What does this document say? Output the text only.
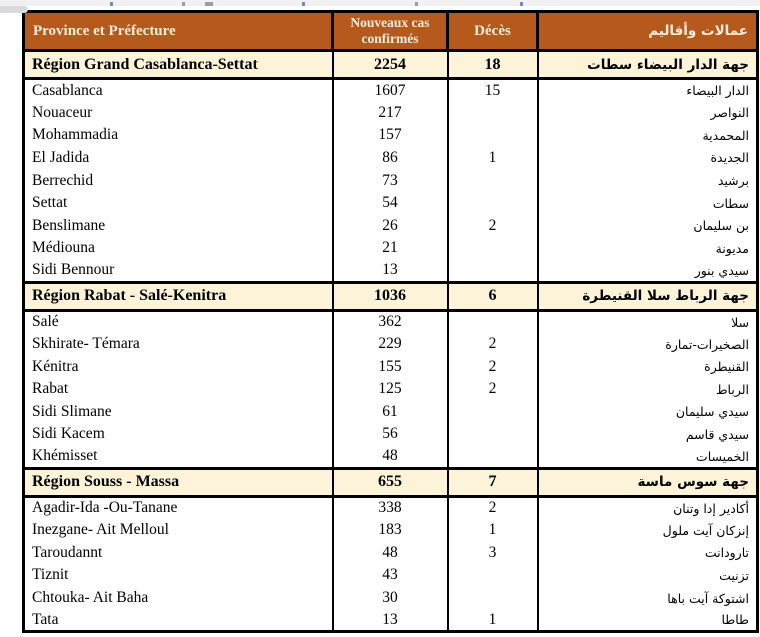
Province et Préfecture	Nouveaux cas confirmés	Décès	عمالات وأقاليم
Région Grand Casablanca-Settat	2254	18	جهة الدار البيضاء سطات
Casablanca	1607	15	الدار البيضاء
Nouaceur	217		النواصر
Mohammadia	157		المحمدية
El Jadida	86	1	الجديدة
Berrechid	73		برشيد
Settat	54		سطات
Benslimane	26	2	بن سليمان
Médiouna	21		مديونة
Sidi Bennour	13		سيدي بنور
Région Rabat - Salé-Kenitra	1036	6	جهة الرباط سلا القنيطرة
Salé	362		سلا
Skhirate- Témara	229	2	الصخيرات-تمارة
Kénitra	155	2	القنيطرة
Rabat	125	2	الرباط
Sidi Slimane	61		سيدي سليمان
Sidi Kacem	56		سيدي قاسم
Khémisset	48		الخميسات
Région Souss - Massa	655	7	جهة سوس ماسة
Agadir-Ida -Ou-Tanane	338	2	أكادير إدا وتنان
Inezgane- Ait Melloul	183	1	إنزكان آيت ملول
Taroudannt	48	3	تارودانت
Tiznit	43		تزنيت
Chtouka- Ait Baha	30		اشتوكة آيت باها
Tata	13	1	طاطا
